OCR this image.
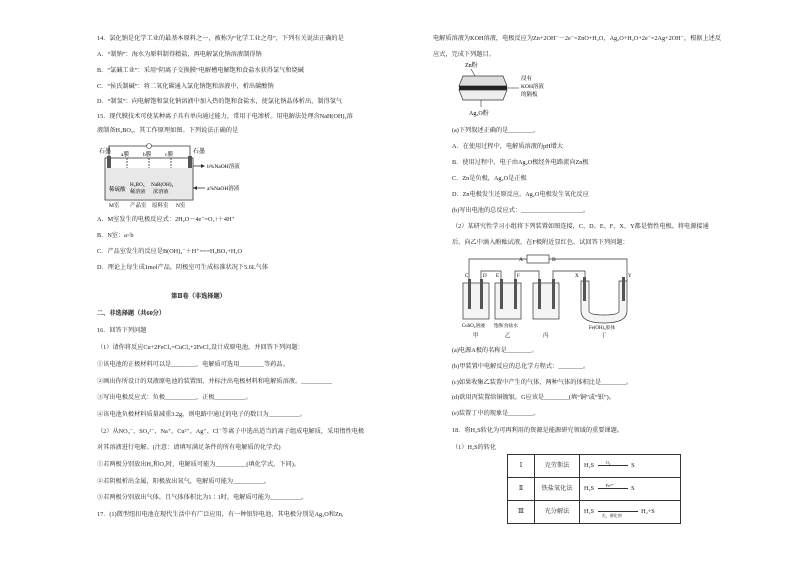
14．氯化钠是化学工业的最基本原料之一，被称为“化学工业之母”，下列有关说法正确的是

A．“制钠”：海水为原料制得精盐，再电解氯化钠溶液制得钠

B．“氯碱工业”：采用“阴离子交换膜”电解槽电解饱和食盐水获得氯气和烧碱

C．“侯氏制碱”：将二氧化碳通入氯化钠饱和溶液中，析出碳酸钠

D．“制氢”：向电解饱和氯化钠溶液中加入热的饱和食盐水，使氯化钠晶体析出，制得氢气

15．现代膜技术可使某种离子具有单向通过能力，常用于电渗析。用电解法处理含NaH(OH)₂溶

液制备H₃BO₃，其工作原理如图。下列说法正确的是

石墨	石墨
a膜	b膜 c膜
稀硫酸
H₃BO₃
稀溶液
NaB(OH)₄
浓溶液
b%NaOH溶液
a%NaOH溶液
M室 产品室 原料室 N室

A．M室发生的电极反应式：2H₂O－4e⁻=O₂↑＋4H⁺

B．N室：a<b

C．产品室发生的反应是B(OH)₄⁻＋H⁺===H₃BO₃+H₂O

D．理论上每生成1mol产品，阴极室可生成标准状况下5.6L气体

第Ⅱ卷（非选择题）

二、非选择题（共60分）

16．回答下列问题

（1）请你将反应Cu+2FeCl₃=CuCl₂+2FeCl₂设计成原电池，并回答下列问题：

①该电池的正极材料可以是________，电解质可选用________等药品。

②画出你所设计的双液原电池的装置图，并标注出电极材料和电解质溶液。__________

③写出电极反应式：负极__________，正极__________。

④该电池负极材料质量减重3.2g，则电路中通过的电子的数目为__________。

（2）从NO₃⁻、SO₄²⁻、Na⁺、Cu²⁺、Ag⁺、Cl⁻等离子中选出适当的离子组成电解质，采用惰性电极

对其溶液进行电解。(注意：请填写满足条件的所有电解质的化学式)

①若两极分别放出H₂和O₂时，电解质可能为__________(填化学式，下同)。

②若阴极析出金属，阳极放出氧气，电解质可能为__________。

③若两极分别放出气体，且气体体积比为1∶1时，电解质可能为__________。

17．(1)微型纽扣电池在现代生活中有广泛应用，有一种银锌电池，其电极分别是Ag₂O和Zn,

电解质溶液为KOH溶液，电极反应为Zn+2OH⁻－2e⁻=ZnO+H₂O，Ag₂O+H₂O+2e⁻=2Ag+2OH⁻，根据上述反

应式，完成下列题目。

Zn粉
浸有
KOH溶液
的隔板
Ag₂O粉

(a)下列叙述正确的是________。

A．在使用过程中，电解质溶液的pH增大

B．使用过程中，电子由Ag₂O极经外电路流向Zn极

C．Zn是负极，Ag₂O是正极

D．Zn电极发生还原反应，Ag₂O电极发生氧化反应

(b)写出电池的总反应式：____________________。

（2）某研究性学习小组将下列装置如图连接，C、D、E、F、X、Y都是惰性电极。将电源接通

后，向乙中滴入酚酞试液，在F极附近显红色。试回答下列问题：

A	B
C	D E	F	X	Y
CuSO₄溶液 饱和食盐水	Fe(OH)₃胶体
甲	乙	丙	丁

(a)电源A极的名称是________。

(b)甲装置中电解反应的总化学方程式：________。

(c)如果收集乙装置中产生的气体，两种气体的体积比是________。

(d)欲用丙装置给铜镀银，G应该是________(填“铜”或“银”)。

(e)装置丁中的现象是________。

18．将H₂S转化为可再利用的资源是能源研究领域的重要课题。

（1）H₂S的转化

Ⅰ	克劳斯法	H₂S O₂ S
Ⅱ	铁盐氧化法	H₂S Fe³⁺ S
Ⅲ	光分解法	H₂S
光，催化剂
H₂+S
